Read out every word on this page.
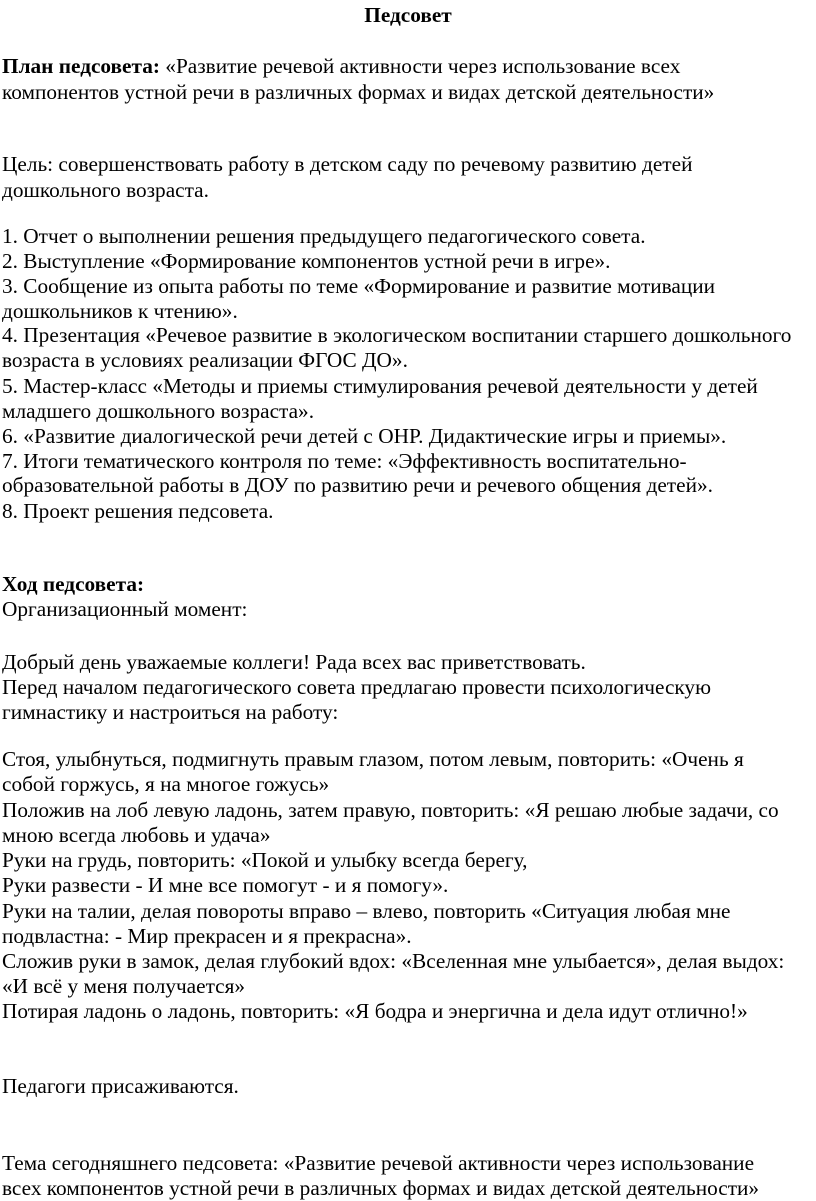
Педсовет
План педсовета: «Развитие речевой активности через использование всех
компонентов устной речи в различных формах и видах детской деятельности»
Цель: совершенствовать работу в детском саду по речевому развитию детей
дошкольного возраста.
1. Отчет о выполнении решения предыдущего педагогического совета.
2. Выступление «Формирование компонентов устной речи в игре».
3. Сообщение из опыта работы по теме «Формирование и развитие мотивации
дошкольников к чтению».
4. Презентация «Речевое развитие в экологическом воспитании старшего дошкольного
возраста в условиях реализации ФГОС ДО».
5. Мастер-класс «Методы и приемы стимулирования речевой деятельности у детей
младшего дошкольного возраста».
6. «Развитие диалогической речи детей с ОНР. Дидактические игры и приемы».
7. Итоги тематического контроля по теме: «Эффективность воспитательно-
образовательной работы в ДОУ по развитию речи и речевого общения детей».
8. Проект решения педсовета.
Ход педсовета:
Организационный момент:
Добрый день уважаемые коллеги! Рада всех вас приветствовать.
Перед началом педагогического совета предлагаю провести психологическую
гимнастику и настроиться на работу:
Стоя, улыбнуться, подмигнуть правым глазом, потом левым, повторить: «Очень я
собой горжусь, я на многое гожусь»
Положив на лоб левую ладонь, затем правую, повторить: «Я решаю любые задачи, со
мною всегда любовь и удача»
Руки на грудь, повторить: «Покой и улыбку всегда берегу,
Руки развести - И мне все помогут - и я помогу».
Руки на талии, делая повороты вправо – влево, повторить «Ситуация любая мне
подвластна: - Мир прекрасен и я прекрасна».
Сложив руки в замок, делая глубокий вдох: «Вселенная мне улыбается», делая выдох:
«И всё у меня получается»
Потирая ладонь о ладонь, повторить: «Я бодра и энергична и дела идут отлично!»
Педагоги присаживаются.
Тема сегодняшнего педсовета: «Развитие речевой активности через использование
всех компонентов устной речи в различных формах и видах детской деятельности»
